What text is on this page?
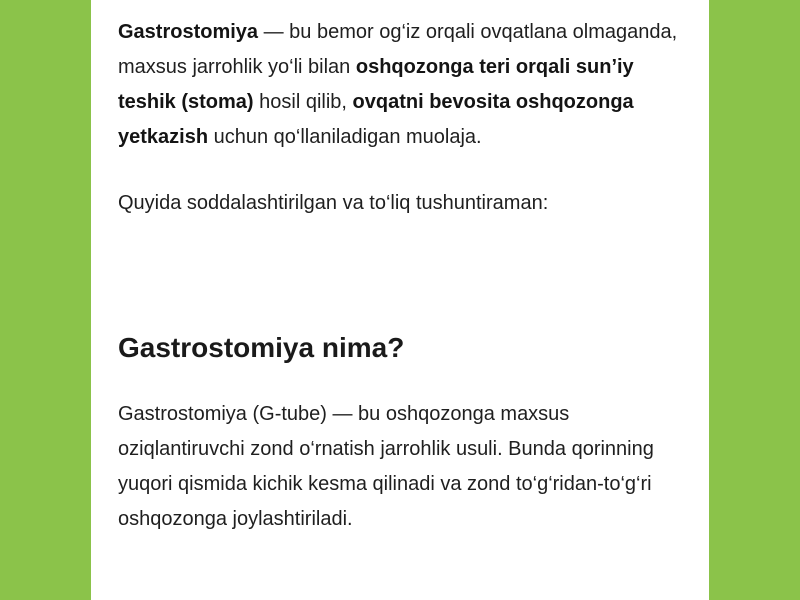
Gastrostomiya — bu bemor og‘iz orqali ovqatlana olmaganda, maxsus jarrohlik yo‘li bilan oshqozonga teri orqali sun’iy teshik (stoma) hosil qilib, ovqatni bevosita oshqozonga yetkazish uchun qo‘llaniladigan muolaja.

Quyida soddalashtirilgan va to‘liq tushuntiraman:

Gastrostomiya nima?

Gastrostomiya (G-tube) — bu oshqozonga maxsus oziqlantiruvchi zond o‘rnatish jarrohlik usuli. Bunda qorinning yuqori qismida kichik kesma qilinadi va zond to‘g‘ridan-to‘g‘ri oshqozonga joylashtiriladi.
